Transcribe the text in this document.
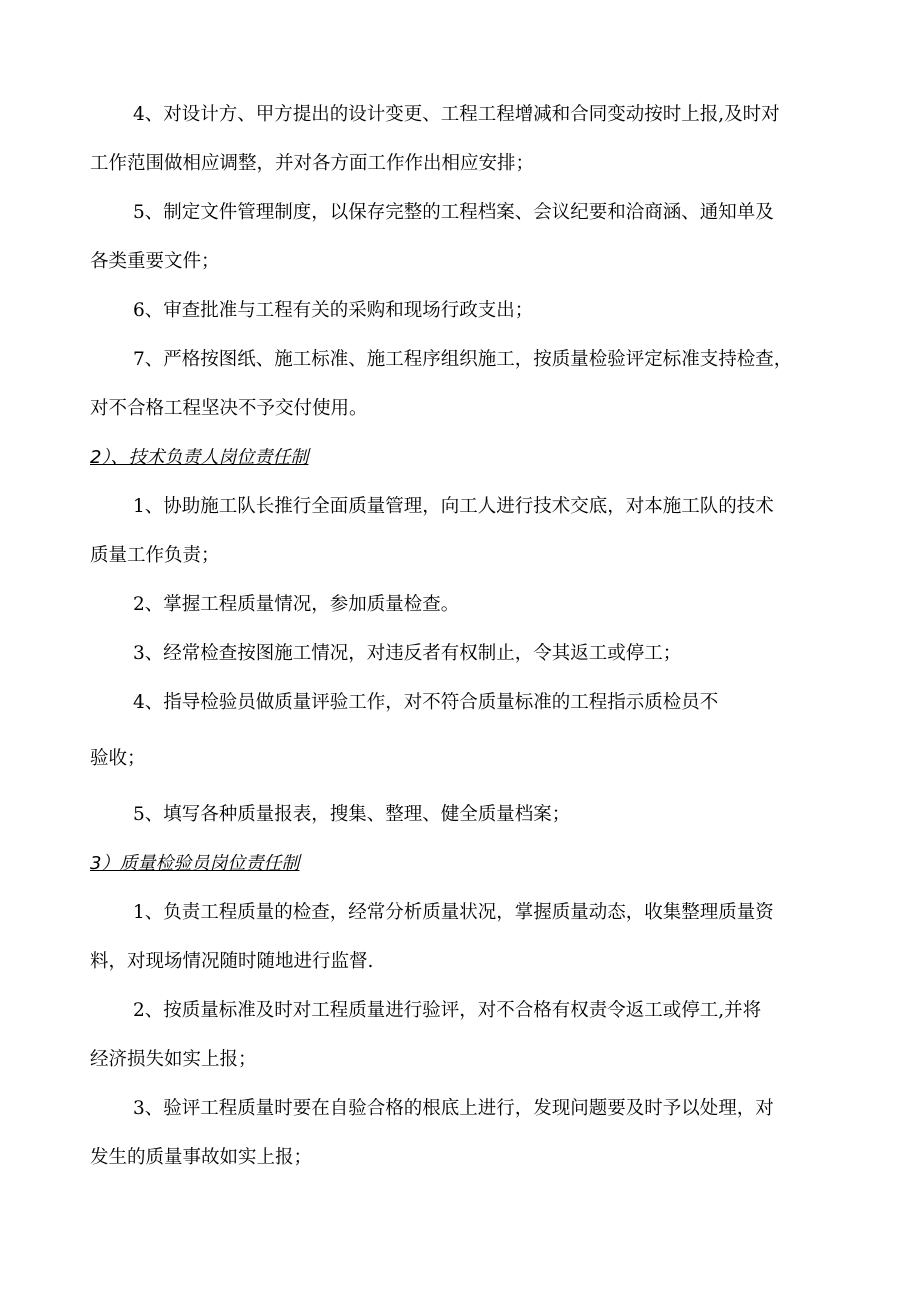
4、对设计方、甲方提出的设计变更、工程工程增减和合同变动按时上报,及时对
工作范围做相应调整，并对各方面工作作出相应安排；
5、制定文件管理制度，以保存完整的工程档案、会议纪要和洽商涵、通知单及
各类重要文件；
6、审查批准与工程有关的采购和现场行政支出；
7、严格按图纸、施工标准、施工程序组织施工，按质量检验评定标准支持检查，
对不合格工程坚决不予交付使用。
2）、技术负责人岗位责任制
1、协助施工队长推行全面质量管理，向工人进行技术交底，对本施工队的技术
质量工作负责；
2、掌握工程质量情况，参加质量检查。
3、经常检查按图施工情况，对违反者有权制止，令其返工或停工；
4、指导检验员做质量评验工作，对不符合质量标准的工程指示质检员不
验收；
5、填写各种质量报表，搜集、整理、健全质量档案；
3）质量检验员岗位责任制
1、负责工程质量的检查，经常分析质量状况，掌握质量动态，收集整理质量资
料，对现场情况随时随地进行监督.
2、按质量标准及时对工程质量进行验评，对不合格有权责令返工或停工,并将
经济损失如实上报；
3、验评工程质量时要在自验合格的根底上进行，发现问题要及时予以处理，对
发生的质量事故如实上报；
